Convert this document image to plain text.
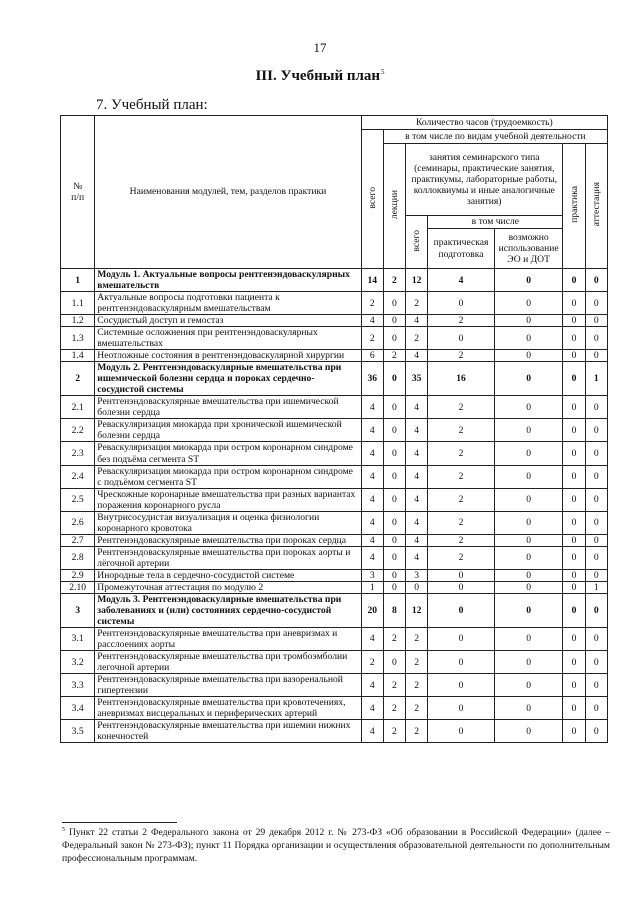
17
III. Учебный план$^5$
7. Учебный план:
№
п/п	Наименования модулей, тем, разделов практики	Количество часов (трудоемкость)						
		всего	в том числе по видам учебной деятельности					
			лекции	занятия семинарского типа (семинары, практические занятия, практикумы, лабораторные работы, коллоквиумы и иные аналогичные занятия)			практика	аттестация
				всего	в том числе			
					практическая подготовка	возможно использование ЭО и ДОТ		
1	Модуль 1. Актуальные вопросы рентгенэндоваскулярных вмешательств	14	2	12	4	0	0	0
1.1	Актуальные вопросы подготовки пациента к рентгенэндоваскулярным вмешательствам	2	0	2	0	0	0	0
1.2	Сосудистый доступ и гемостаз	4	0	4	2	0	0	0
1.3	Системные осложнения при рентгенэндоваскулярных вмешательствах	2	0	2	0	0	0	0
1.4	Неотложные состояния в рентгенэндоваскулярной хирургии	6	2	4	2	0	0	0
2	Модуль 2. Рентгенэндоваскулярные вмешательства при ишемической болезни сердца и пороках сердечно-сосудистой системы	36	0	35	16	0	0	1
2.1	Рентгенэндоваскулярные вмешательства при ишемической болезни сердца	4	0	4	2	0	0	0
2.2	Реваскуляризация миокарда при хронической ишемической болезни сердца	4	0	4	2	0	0	0
2.3	Реваскуляризация миокарда при остром коронарном синдроме без подъёма сегмента ST	4	0	4	2	0	0	0
2.4	Реваскуляризация миокарда при остром коронарном синдроме с подъёмом сегмента ST	4	0	4	2	0	0	0
2.5	Чрескожные коронарные вмешательства при разных вариантах поражения коронарного русла	4	0	4	2	0	0	0
2.6	Внутрисосудистая визуализация и оценка физиологии коронарного кровотока	4	0	4	2	0	0	0
2.7	Рентгенэндоваскулярные вмешательства при пороках сердца	4	0	4	2	0	0	0
2.8	Рентгенэндоваскулярные вмешательства при пороках аорты и лёгочной артерии	4	0	4	2	0	0	0
2.9	Инородные тела в сердечно-сосудистой системе	3	0	3	0	0	0	0
2.10	Промежуточная аттестация по модулю 2	1	0	0	0	0	0	1
3	Модуль 3. Рентгенэндоваскулярные вмешательства при заболеваниях и (или) состояниях сердечно-сосудистой системы	20	8	12	0	0	0	0
3.1	Рентгенэндоваскулярные вмешательства при аневризмах и расслоениях аорты	4	2	2	0	0	0	0
3.2	Рентгенэндоваскулярные вмешательства при тромбоэмболии легочной артерии	2	0	2	0	0	0	0
3.3	Рентгенэндоваскулярные вмешательства при вазоренальной гипертензии	4	2	2	0	0	0	0
3.4	Рентгенэндоваскулярные вмешательства при кровотечениях, аневризмах висцеральных и периферических артерий	4	2	2	0	0	0	0
3.5	Рентгенэндоваскулярные вмешательства при ишемии нижних конечностей	4	2	2	0	0	0	0
$^5$ Пункт 22 статьи 2 Федерального закона от 29 декабря 2012 г. № 273-ФЗ «Об образовании в Российской Федерации» (далее – Федеральный закон № 273-ФЗ); пункт 11 Порядка организации и осуществления образовательной деятельности по дополнительным профессиональным программам.
